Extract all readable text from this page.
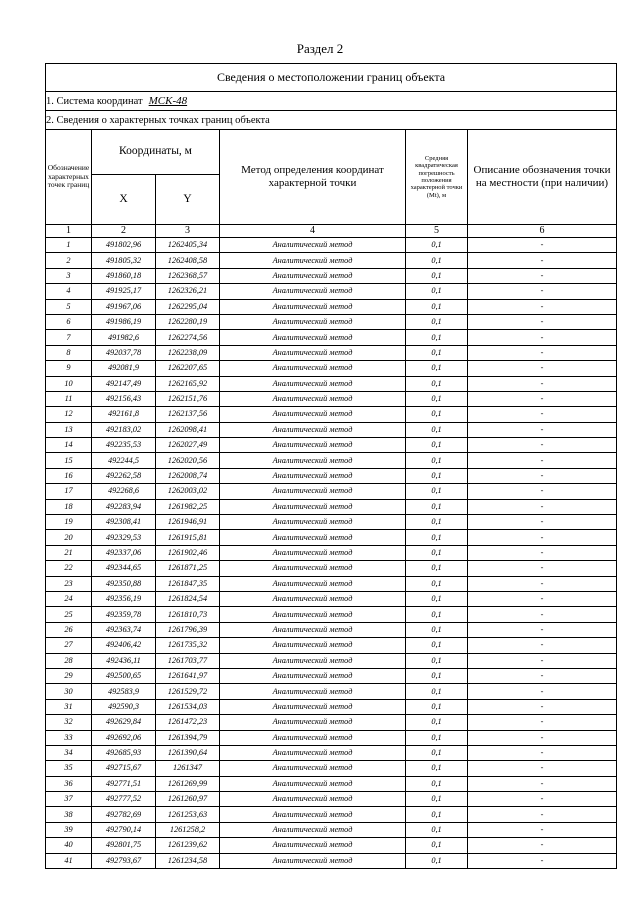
Раздел 2
Сведения о местоположении границ объекта					
1. Система координат МСК-48					
2. Сведения о характерных точках границ объекта					
Обозначение характерных точек границ	Координаты, м		Метод определения координат характерной точки	Средняя квадратическая погрешность положения характерной точки (Mt), м	Описание обозначения точки на местности (при наличии)
	X	Y			
1	2	3	4	5	6
1	491802,96	1262405,34	Аналитический метод	0,1	-
2	491805,32	1262408,58	Аналитический метод	0,1	-
3	491860,18	1262368,57	Аналитический метод	0,1	-
4	491925,17	1262326,21	Аналитический метод	0,1	-
5	491967,06	1262295,04	Аналитический метод	0,1	-
6	491986,19	1262280,19	Аналитический метод	0,1	-
7	491982,6	1262274,56	Аналитический метод	0,1	-
8	492037,78	1262238,09	Аналитический метод	0,1	-
9	492081,9	1262207,65	Аналитический метод	0,1	-
10	492147,49	1262165,92	Аналитический метод	0,1	-
11	492156,43	1262151,76	Аналитический метод	0,1	-
12	492161,8	1262137,56	Аналитический метод	0,1	-
13	492183,02	1262098,41	Аналитический метод	0,1	-
14	492235,53	1262027,49	Аналитический метод	0,1	-
15	492244,5	1262020,56	Аналитический метод	0,1	-
16	492262,58	1262008,74	Аналитический метод	0,1	-
17	492268,6	1262003,02	Аналитический метод	0,1	-
18	492283,94	1261982,25	Аналитический метод	0,1	-
19	492308,41	1261946,91	Аналитический метод	0,1	-
20	492329,53	1261915,81	Аналитический метод	0,1	-
21	492337,06	1261902,46	Аналитический метод	0,1	-
22	492344,65	1261871,25	Аналитический метод	0,1	-
23	492350,88	1261847,35	Аналитический метод	0,1	-
24	492356,19	1261824,54	Аналитический метод	0,1	-
25	492359,78	1261810,73	Аналитический метод	0,1	-
26	492363,74	1261796,39	Аналитический метод	0,1	-
27	492406,42	1261735,32	Аналитический метод	0,1	-
28	492436,11	1261703,77	Аналитический метод	0,1	-
29	492500,65	1261641,97	Аналитический метод	0,1	-
30	492583,9	1261529,72	Аналитический метод	0,1	-
31	492590,3	1261534,03	Аналитический метод	0,1	-
32	492629,84	1261472,23	Аналитический метод	0,1	-
33	492692,06	1261394,79	Аналитический метод	0,1	-
34	492685,93	1261390,64	Аналитический метод	0,1	-
35	492715,67	1261347	Аналитический метод	0,1	-
36	492771,51	1261269,99	Аналитический метод	0,1	-
37	492777,52	1261260,97	Аналитический метод	0,1	-
38	492782,69	1261253,63	Аналитический метод	0,1	-
39	492790,14	1261258,2	Аналитический метод	0,1	-
40	492801,75	1261239,62	Аналитический метод	0,1	-
41	492793,67	1261234,58	Аналитический метод	0,1	-
